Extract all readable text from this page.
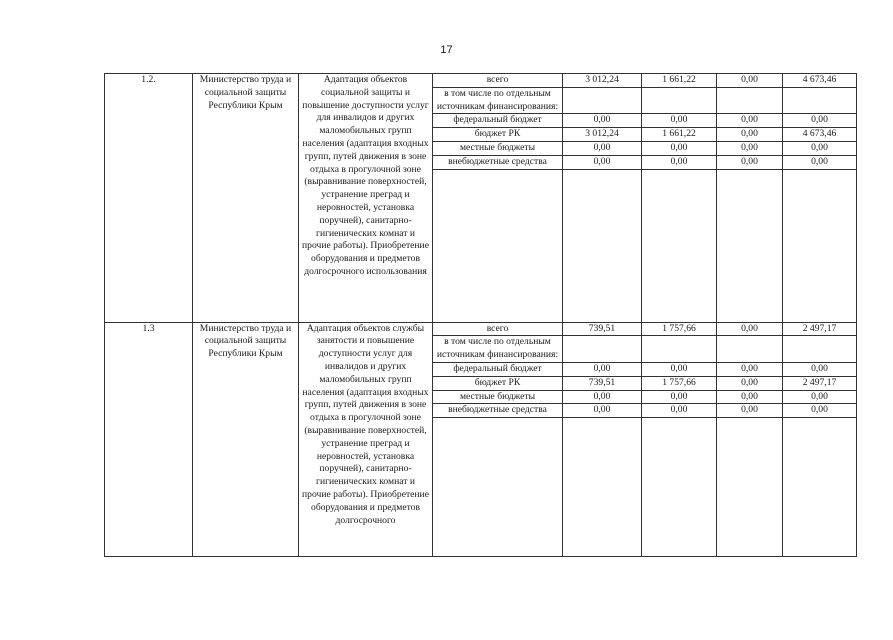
17
1.2.	Министерство труда и социальной защиты Республики Крым	Адаптация объектов социальной защиты и повышение доступности услуг для инвалидов и других маломобильных групп населения (адаптация входных групп, путей движения в зоне отдыха в прогулочной зоне (выравнивание поверхностей, устранение преград и неровностей, установка поручней), санитарно-гигиенических комнат и прочие работы). Приобретение оборудования и предметов долгосрочного использования	всего	3 012,24	1 661,22	0,00	4 673,46
			в том числе по отдельным источникам финансирования:				
			федеральный бюджет	0,00	0,00	0,00	0,00
			бюджет РК	3 012,24	1 661,22	0,00	4 673,46
			местные бюджеты	0,00	0,00	0,00	0,00
			внебюджетные средства	0,00	0,00	0,00	0,00

1.3	Министерство труда и социальной защиты Республики Крым	Адаптация объектов службы занятости и повышение доступности услуг для инвалидов и других маломобильных групп населения (адаптация входных групп, путей движения в зоне отдыха в прогулочной зоне (выравнивание поверхностей, устранение преград и неровностей, установка поручней), санитарно-гигиенических комнат и прочие работы). Приобретение оборудования и предметов долгосрочного	всего	739,51	1 757,66	0,00	2 497,17
			в том числе по отдельным источникам финансирования:				
			федеральный бюджет	0,00	0,00	0,00	0,00
			бюджет РК	739,51	1 757,66	0,00	2 497,17
			местные бюджеты	0,00	0,00	0,00	0,00
			внебюджетные средства	0,00	0,00	0,00	0,00
